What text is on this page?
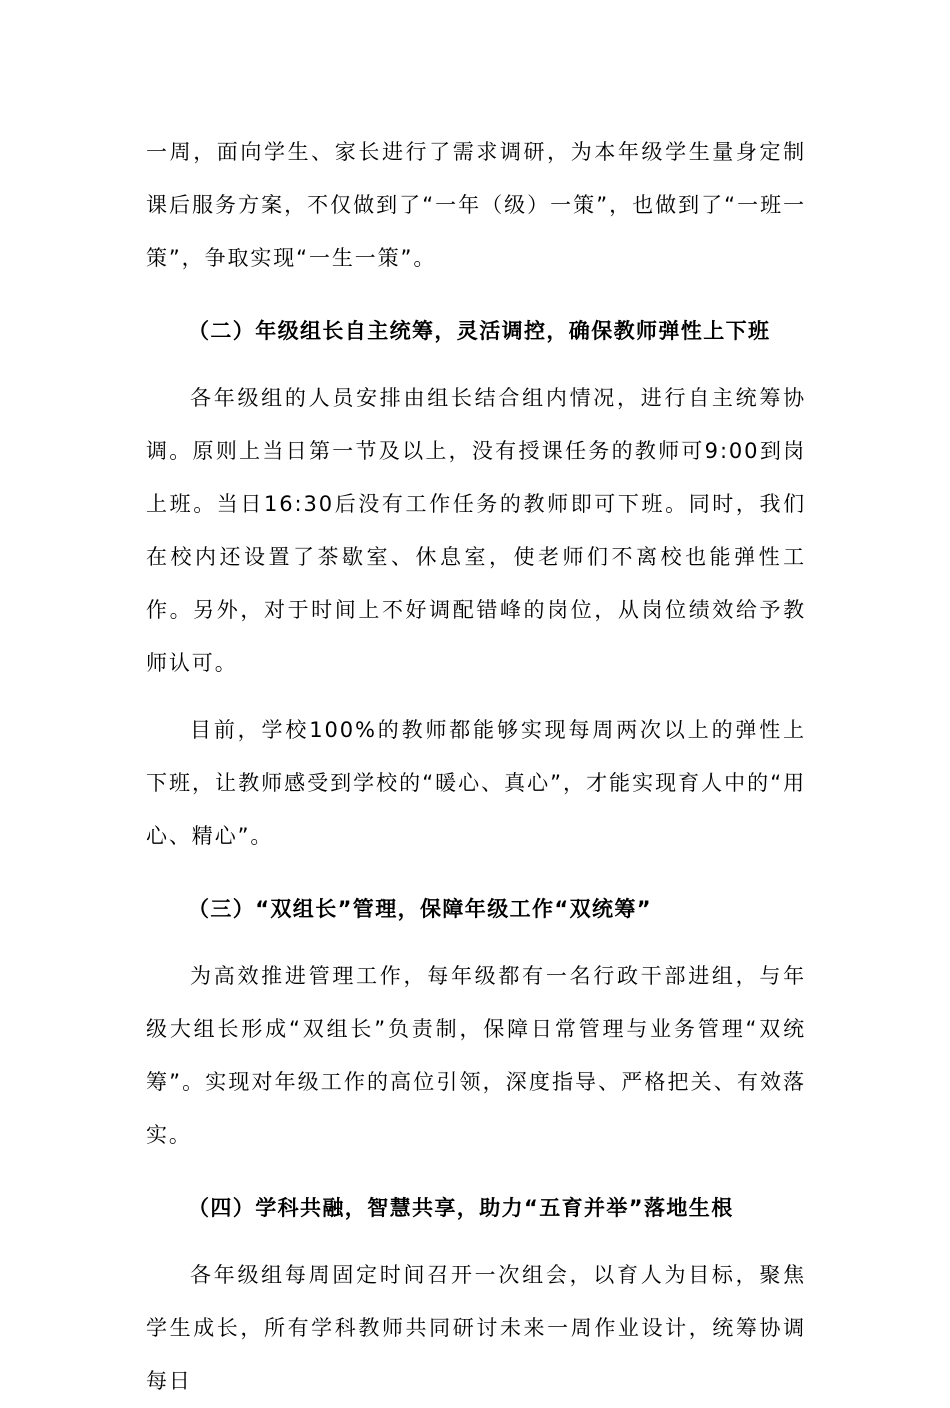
一周，面向学生、家长进行了需求调研，为本年级学生量身定制课后服务方案，不仅做到了“一年（级）一策”，也做到了“一班一策”，争取实现“一生一策”。

（二）年级组长自主统筹，灵活调控，确保教师弹性上下班

各年级组的人员安排由组长结合组内情况，进行自主统筹协调。原则上当日第一节及以上，没有授课任务的教师可9:00到岗上班。当日16:30后没有工作任务的教师即可下班。同时，我们在校内还设置了茶歇室、休息室，使老师们不离校也能弹性工作。另外，对于时间上不好调配错峰的岗位，从岗位绩效给予教师认可。

目前，学校100%的教师都能够实现每周两次以上的弹性上下班，让教师感受到学校的“暖心、真心”，才能实现育人中的“用心、精心”。

（三）“双组长”管理，保障年级工作“双统筹”

为高效推进管理工作，每年级都有一名行政干部进组，与年级大组长形成“双组长”负责制，保障日常管理与业务管理“双统筹”。实现对年级工作的高位引领，深度指导、严格把关、有效落实。

（四）学科共融，智慧共享，助力“五育并举”落地生根

各年级组每周固定时间召开一次组会，以育人为目标，聚焦学生成长，所有学科教师共同研讨未来一周作业设计，统筹协调每日
